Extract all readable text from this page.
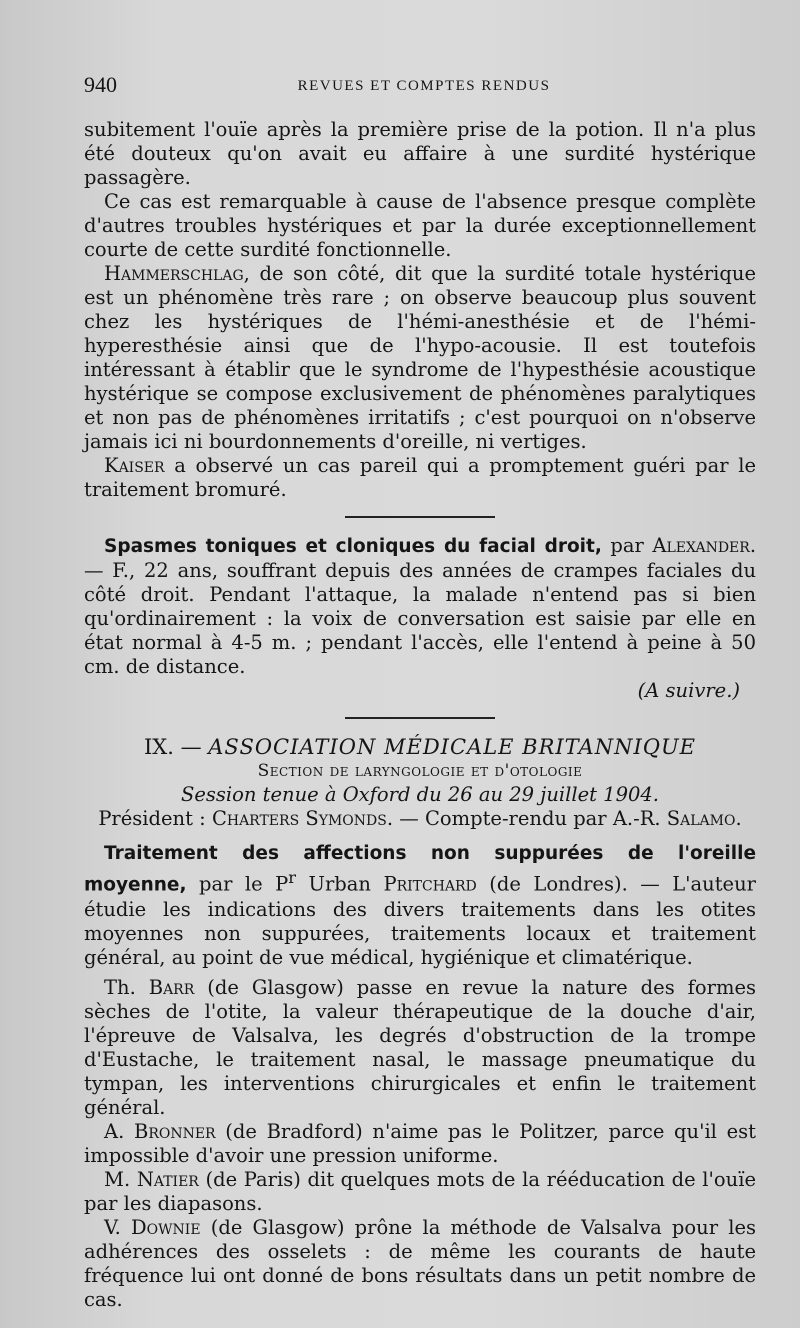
940	REVUES ET COMPTES RENDUS

subitement l'ouïe après la première prise de la potion. Il n'a plus été douteux qu'on avait eu affaire à une surdité hystérique passagère.

Ce cas est remarquable à cause de l'absence presque complète d'autres troubles hystériques et par la durée exceptionnellement courte de cette surdité fonctionnelle.

Hammerschlag, de son côté, dit que la surdité totale hystérique est un phénomène très rare ; on observe beaucoup plus souvent chez les hystériques de l'hémi-anesthésie et de l'hémi-hyperesthésie ainsi que de l'hypo-acousie. Il est toutefois intéressant à établir que le syndrome de l'hypesthésie acoustique hystérique se compose exclusivement de phénomènes paralytiques et non pas de phénomènes irritatifs ; c'est pourquoi on n'observe jamais ici ni bourdonnements d'oreille, ni vertiges.

Kaiser a observé un cas pareil qui a promptement guéri par le traitement bromuré.

Spasmes toniques et cloniques du facial droit, par Alexander. — F., 22 ans, souffrant depuis des années de crampes faciales du côté droit. Pendant l'attaque, la malade n'entend pas si bien qu'ordinairement : la voix de conversation est saisie par elle en état normal à 4-5 m. ; pendant l'accès, elle l'entend à peine à 50 cm. de distance.

(A suivre.)

IX. — ASSOCIATION MÉDICALE BRITANNIQUE
Section de laryngologie et d'otologie
Session tenue à Oxford du 26 au 29 juillet 1904.
Président : Charters Symonds. — Compte-rendu par A.-R. Salamo.

Traitement des affections non suppurées de l'oreille moyenne, par le $P^r$ Urban Pritchard (de Londres). — L'auteur étudie les indications des divers traitements dans les otites moyennes non suppurées, traitements locaux et traitement général, au point de vue médical, hygiénique et climatérique.

Th. Barr (de Glasgow) passe en revue la nature des formes sèches de l'otite, la valeur thérapeutique de la douche d'air, l'épreuve de Valsalva, les degrés d'obstruction de la trompe d'Eustache, le traitement nasal, le massage pneumatique du tympan, les interventions chirurgicales et enfin le traitement général.

A. Bronner (de Bradford) n'aime pas le Politzer, parce qu'il est impossible d'avoir une pression uniforme.

M. Natier (de Paris) dit quelques mots de la rééducation de l'ouïe par les diapasons.

V. Downie (de Glasgow) prône la méthode de Valsalva pour les adhérences des osselets : de même les courants de haute fréquence lui ont donné de bons résultats dans un petit nombre de cas.
